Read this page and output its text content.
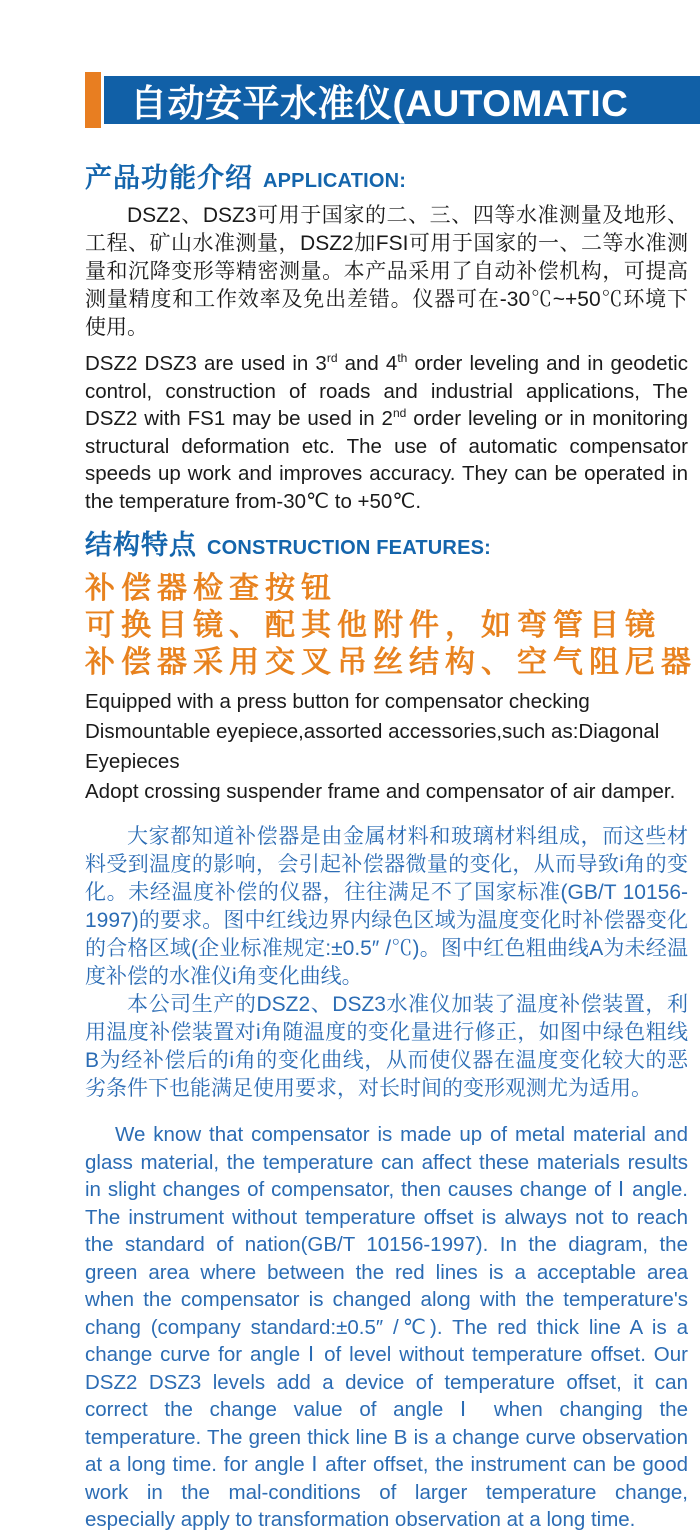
自动安平水准仪(AUTOMATIC
产品功能介绍 APPLICATION:

DSZ2、DSZ3可用于国家的二、三、四等水准测量及地形、工程、矿山水准测量，DSZ2加FSI可用于国家的一、二等水准测量和沉降变形等精密测量。本产品采用了自动补偿机构，可提高测量精度和工作效率及免出差错。仪器可在-30℃~+50℃环境下使用。

DSZ2 DSZ3 are used in 3rd and 4th order leveling and in geodetic control, construction of roads and industrial applications, The DSZ2 with FS1 may be used in 2nd order leveling or in monitoring structural deformation etc. The use of automatic compensator speeds up work and improves accuracy. They can be operated in the temperature from-30℃ to +50℃.

结构特点 CONSTRUCTION FEATURES:
补偿器检查按钮
可换目镜、配其他附件，如弯管目镜
补偿器采用交叉吊丝结构、空气阻尼器
Equipped with a press button for compensator checking
Dismountable eyepiece,assorted accessories,such as:Diagonal Eyepieces
Adopt crossing suspender frame and compensator of air damper.

大家都知道补偿器是由金属材料和玻璃材料组成，而这些材料受到温度的影响，会引起补偿器微量的变化，从而导致i角的变化。未经温度补偿的仪器，往往满足不了国家标准(GB/T 10156-1997)的要求。图中红线边界内绿色区域为温度变化时补偿器变化的合格区域(企业标准规定:±0.5″ /℃)。图中红色粗曲线A为未经温度补偿的水准仪i角变化曲线。

本公司生产的DSZ2、DSZ3水准仪加装了温度补偿装置，利用温度补偿装置对i角随温度的变化量进行修正，如图中绿色粗线B为经补偿后的i角的变化曲线，从而使仪器在温度变化较大的恶劣条件下也能满足使用要求，对长时间的变形观测尤为适用。

We know that compensator is made up of metal material and glass material, the temperature can affect these materials results in slight changes of compensator, then causes change of Ⅰ angle. The instrument without temperature offset is always not to reach the standard of nation(GB/T 10156-1997). In the diagram, the green area where between the red lines is a acceptable area when the compensator is changed along with the temperature's chang (company standard:±0.5″ /℃). The red thick line A is a change curve for angle Ⅰ of level without temperature offset. Our DSZ2 DSZ3 levels add a device of temperature offset, it can correct the change value of angle Ⅰ when changing the temperature. The green thick line B is a change curve observation at a long time. for angle Ⅰ after offset, the instrument can be good work in the mal-conditions of larger temperature change, especially apply to transformation observation at a long time.
